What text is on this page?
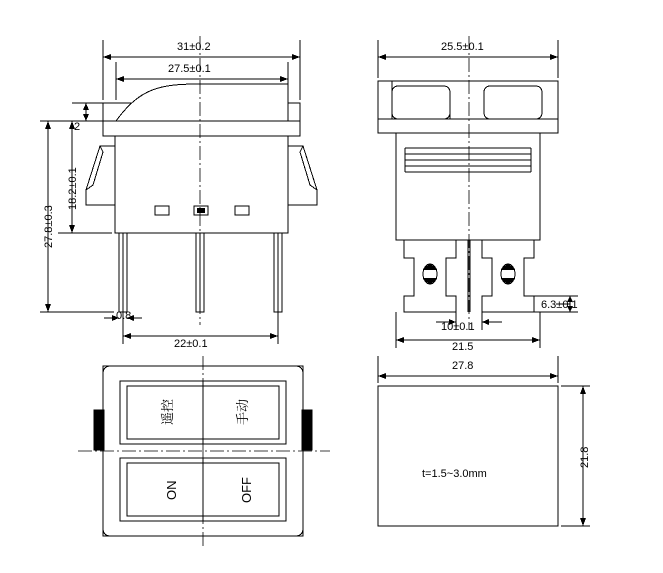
31±0.2
27.5±0.1
2
18.2±0.1
27.8±0.3
0.8
22±0.1
25.5±0.1
10±0.1
6.3±0.1
21.5
遥控	手动
ON	OFF
27.8
21.8
t=1.5~3.0mm
